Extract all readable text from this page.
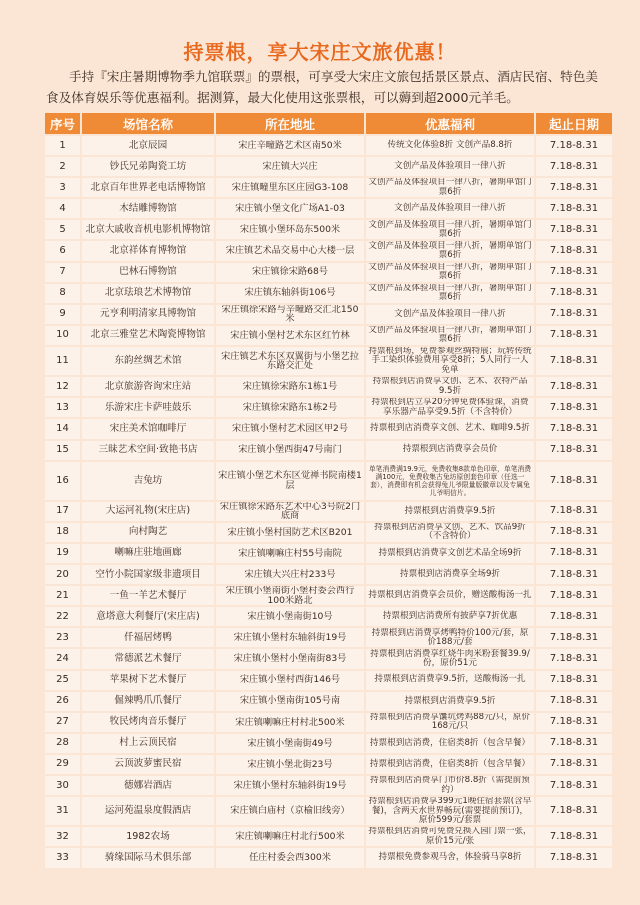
持票根，享大宋庄文旅优惠！
手持『宋庄暑期博物季九馆联票』的票根，可享受大宋庄文旅包括景区景点、酒店民宿、特色美食及体育娱乐等优惠福利。据测算，最大化使用这张票根，可以薅到超2000元羊毛。
序号	场馆名称	所在地址	优惠福利	起止日期
1	北京辰园	宋庄辛疃路艺术区南50米	传统文化体验8折 文创产品8.8折	7.18-8.31
2	钞氏兄弟陶瓷工坊	宋庄镇大兴庄	文创产品及体验项目一律八折	7.18-8.31
3	北京百年世界老电话博物馆	宋庄镇疃里东区庄园G3-108	文创产品及体验项目一律八折，暑期单馆门票6折	7.18-8.31
4	木结雕博物馆	宋庄镇小堡文化广场A1-03	文创产品及体验项目一律八折	7.18-8.31
5	北京大戚收音机电影机博物馆	宋庄镇小堡环岛东500米	文创产品及体验项目一律八折，暑期单馆门票6折	7.18-8.31
6	北京祥体育博物馆	宋庄镇艺术品交易中心大楼一层	文创产品及体验项目一律八折，暑期单馆门票6折	7.18-8.31
7	巴林石博物馆	宋庄镇徐宋路68号	文创产品及体验项目一律八折，暑期单馆门票6折	7.18-8.31
8	北京珐琅艺术博物馆	宋庄镇东轴斜街106号	文创产品及体验项目一律八折，暑期单馆门票6折	7.18-8.31
9	元亨利明清家具博物馆	宋庄镇徐宋路与辛疃路交汇北150米	文创产品及体验项目一律八折	7.18-8.31
10	北京三雅堂艺术陶瓷博物馆	宋庄镇小堡村艺术东区红竹林	文创产品及体验项目一律八折，暑期单馆门票6折	7.18-8.31
11	东韵丝绸艺术馆	宋庄镇艺术东区双翼街与小堡艺拉东路交汇处	持票根到场，免费参观丝绸特展；玩转传统手工染织体验费用享受8折；5人同行一人免单	7.18-8.31
12	北京旅游咨询宋庄站	宋庄镇徐宋路东1栋1号	持票根到店消费享文创、艺术、农特产品9.5折	7.18-8.31
13	乐游宋庄卡萨哇鼓乐	宋庄镇徐宋路东1栋2号	持票根到店立享20分钟免费体验课，消费享乐器产品享受9.5折（不含特价）	7.18-8.31
14	宋庄美术馆咖啡厅	宋庄镇小堡村艺术园区甲2号	持票根到店消费享文创、艺术、咖啡9.5折	7.18-8.31
15	三昧艺术空间·致艳书店	宋庄镇小堡西街47号南门	持票根到店消费享会员价	7.18-8.31
16	吉兔坊	宋庄镇小堡艺术东区觉禅书院南楼1层	单笔消费满19.9元，免费收集8款单色印章，单笔消费满100元，免费收集古兔坊原创套色印章（任选一套），消费即有机会获得兔儿爷限量版徽章以及专属兔儿爷明信片。	7.18-8.31
17	大运河礼物(宋庄店)	宋庄镇徐宋路东艺术中心3号院2门底商	持票根到店消费享9.5折	7.18-8.31
18	向村陶艺	宋庄镇小堡村国防艺术区B201	持票根到店消费享文创、艺术、饮品9折（不含特价）	7.18-8.31
19	喇嘛庄驻地画廊	宋庄镇喇嘛庄村55号南院	持票根到店消费享文创艺术品全场9折	7.18-8.31
20	空竹小院国家级非遗项目	宋庄镇大兴庄村233号	持票根到店消费享全场9折	7.18-8.31
21	一鱼一羊艺术餐厅	宋庄镇小堡南街小堡村委会西行100米路北	持票根到店消费享会员价，赠送酸梅汤一扎	7.18-8.31
22	意塔意大利餐厅(宋庄店)	宋庄镇小堡南街10号	持票根到店消费所有披萨享7折优惠	7.18-8.31
23	仟福居烤鸭	宋庄镇小堡村东轴斜街19号	持票根到店消费享烤鸭特价100元/套，原价188元/套	7.18-8.31
24	常德派艺术餐厅	宋庄镇小堡村小堡南街83号	持票根到店消费享红烧牛肉米粉套餐39.9/份，原价51元	7.18-8.31
25	苹果树下艺术餐厅	宋庄镇小堡村西街146号	持票根到店消费享9.5折，送酸梅汤一扎	7.18-8.31
26	倔辣鸭爪爪餐厅	宋庄镇小堡南街105号南	持票根到店消费享9.5折	7.18-8.31
27	牧民烤肉音乐餐厅	宋庄镇喇嘛庄村村北500米	持票根到店消费享馕坑烤鸡88元/只，原价168元/只	7.18-8.31
28	村上云顶民宿	宋庄镇小堡南街49号	持票根到店消费，住宿类8折（包含早餐）	7.18-8.31
29	云顶波萝蜜民宿	宋庄镇小堡北街23号	持票根到店消费，住宿类8折（包含早餐）	7.18-8.31
30	德娜岩酒店	宋庄镇小堡村东轴斜街19号	持票根到店消费享门市价8.8折（需提前预约）	7.18-8.31
31	运河苑温泉度假酒店	宋庄镇白庙村（京榆旧线旁）	持票根到店消费享399元1晚住宿套票(含早餐)，含两天水世界畅玩(需要提前预订)，原价599元/套票	7.18-8.31
32	1982农场	宋庄镇喇嘛庄村北行500米	持票根到店消费可免费兑换入园门票一张，原价15元/张	7.18-8.31
33	骑缘国际马术俱乐部	任庄村委会西300米	持票根免费参观马舍，体验骑马享8折	7.18-8.31
